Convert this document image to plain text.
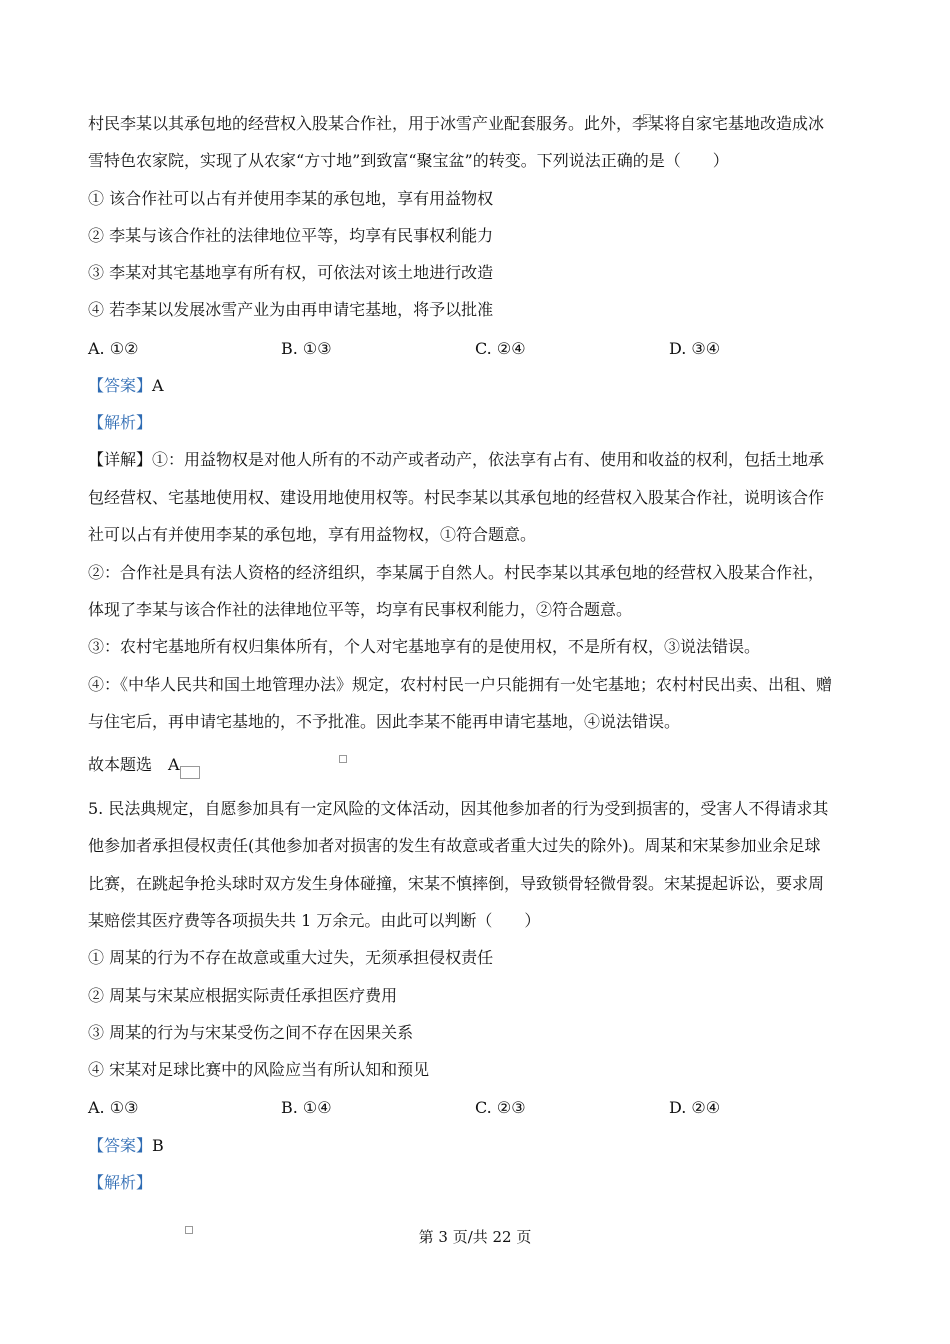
村民李某以其承包地的经营权入股某合作社，用于冰雪产业配套服务。此外，李某将自家宅基地改造成冰
雪特色农家院，实现了从农家“方寸地”到致富“聚宝盆”的转变。下列说法正确的是（　　）
① 该合作社可以占有并使用李某的承包地，享有用益物权
② 李某与该合作社的法律地位平等，均享有民事权利能力
③ 李某对其宅基地享有所有权，可依法对该土地进行改造
④ 若李某以发展冰雪产业为由再申请宅基地，将予以批准
A. ①②	B. ①③	C. ②④	D. ③④
【答案】A
【解析】
【详解】①：用益物权是对他人所有的不动产或者动产，依法享有占有、使用和收益的权利，包括土地承
包经营权、宅基地使用权、建设用地使用权等。村民李某以其承包地的经营权入股某合作社，说明该合作
社可以占有并使用李某的承包地，享有用益物权，①符合题意。
②：合作社是具有法人资格的经济组织，李某属于自然人。村民李某以其承包地的经营权入股某合作社，
体现了李某与该合作社的法律地位平等，均享有民事权利能力，②符合题意。
③：农村宅基地所有权归集体所有，个人对宅基地享有的是使用权，不是所有权，③说法错误。
④：《中华人民共和国土地管理办法》规定，农村村民一户只能拥有一处宅基地；农村村民出卖、出租、赠
与住宅后，再申请宅基地的，不予批准。因此李某不能再申请宅基地，④说法错误。
故本题选　A
5. 民法典规定，自愿参加具有一定风险的文体活动，因其他参加者的行为受到损害的，受害人不得请求其
他参加者承担侵权责任(其他参加者对损害的发生有故意或者重大过失的除外)。周某和宋某参加业余足球
比赛，在跳起争抢头球时双方发生身体碰撞，宋某不慎摔倒，导致锁骨轻微骨裂。宋某提起诉讼，要求周
某赔偿其医疗费等各项损失共 1 万余元。由此可以判断（　　）
① 周某的行为不存在故意或重大过失，无须承担侵权责任
② 周某与宋某应根据实际责任承担医疗费用
③ 周某的行为与宋某受伤之间不存在因果关系
④ 宋某对足球比赛中的风险应当有所认知和预见
A. ①③	B. ①④	C. ②③	D. ②④
【答案】B
【解析】
第 3 页/共 22 页
